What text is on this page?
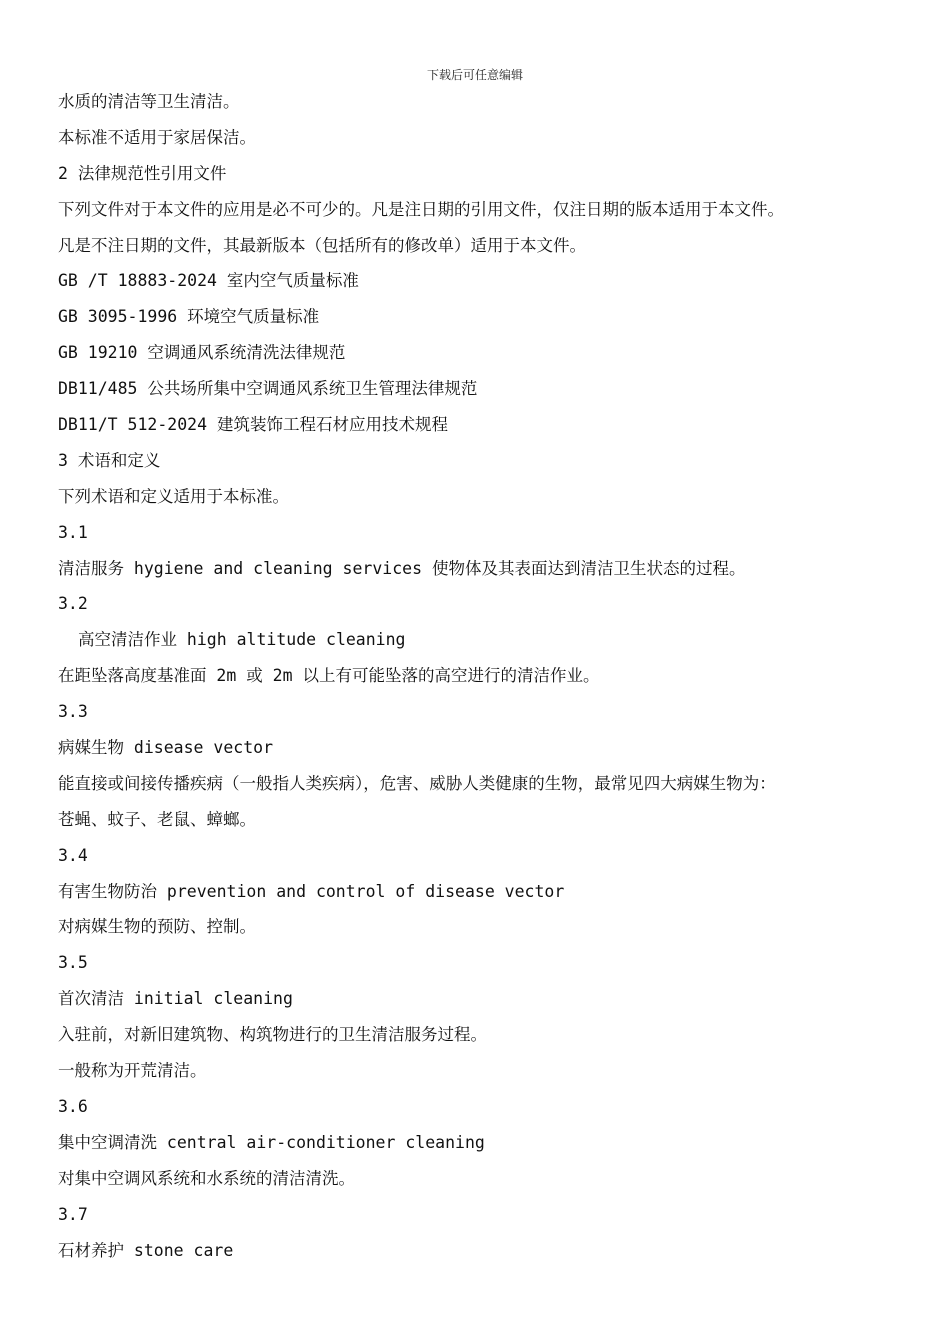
下载后可任意编辑
水质的清洁等卫生清洁。
本标准不适用于家居保洁。
2 法律规范性引用文件
下列文件对于本文件的应用是必不可少的。凡是注日期的引用文件，仅注日期的版本适用于本文件。
凡是不注日期的文件，其最新版本（包括所有的修改单）适用于本文件。
GB /T 18883-2024 室内空气质量标准
GB 3095-1996 环境空气质量标准
GB 19210 空调通风系统清洗法律规范
DB11/485 公共场所集中空调通风系统卫生管理法律规范
DB11/T 512-2024 建筑装饰工程石材应用技术规程
3 术语和定义
下列术语和定义适用于本标准。
3.1
清洁服务 hygiene and cleaning services 使物体及其表面达到清洁卫生状态的过程。
3.2
高空清洁作业 high altitude cleaning
在距坠落高度基准面 2m 或 2m 以上有可能坠落的高空进行的清洁作业。
3.3
病媒生物 disease vector
能直接或间接传播疾病（一般指人类疾病），危害、威胁人类健康的生物，最常见四大病媒生物为：
苍蝇、蚊子、老鼠、蟑螂。
3.4
有害生物防治 prevention and control of disease vector
对病媒生物的预防、控制。
3.5
首次清洁 initial cleaning
入驻前，对新旧建筑物、构筑物进行的卫生清洁服务过程。
一般称为开荒清洁。
3.6
集中空调清洗 central air-conditioner cleaning
对集中空调风系统和水系统的清洁清洗。
3.7
石材养护 stone care
